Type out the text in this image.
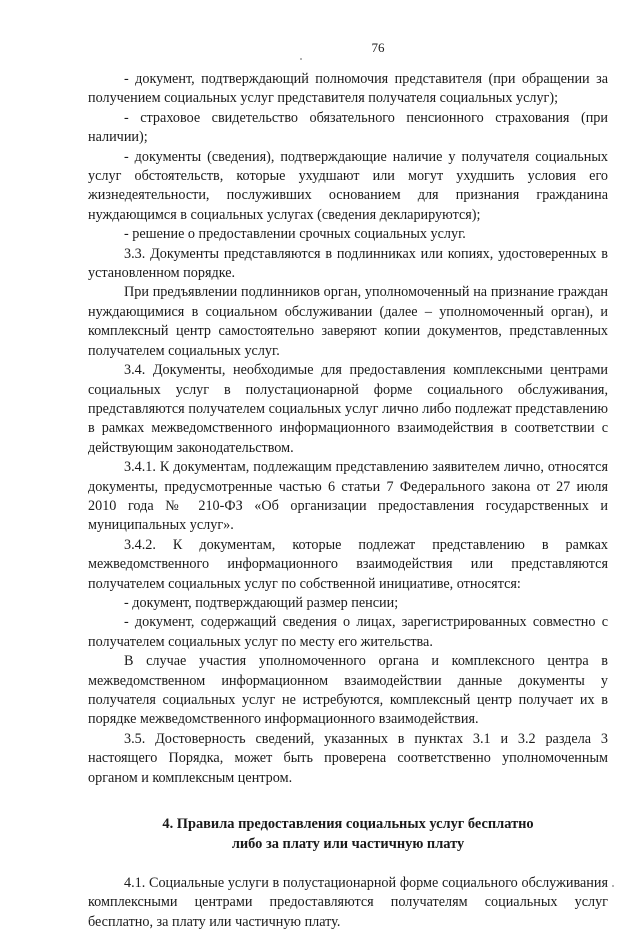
76

- документ, подтверждающий полномочия представителя (при обращении за получением социальных услуг представителя получателя социальных услуг);

- страховое свидетельство обязательного пенсионного страхования (при наличии);

- документы (сведения), подтверждающие наличие у получателя социальных услуг обстоятельств, которые ухудшают или могут ухудшить условия его жизнедеятельности, послуживших основанием для признания гражданина нуждающимся в социальных услугах (сведения декларируются);

- решение о предоставлении срочных социальных услуг.

3.3. Документы представляются в подлинниках или копиях, удостоверенных в установленном порядке.

При предъявлении подлинников орган, уполномоченный на признание граждан нуждающимися в социальном обслуживании (далее – уполномоченный орган), и комплексный центр самостоятельно заверяют копии документов, представленных получателем социальных услуг.

3.4. Документы, необходимые для предоставления комплексными центрами социальных услуг в полустационарной форме социального обслуживания, представляются получателем социальных услуг лично либо подлежат представлению в рамках межведомственного информационного взаимодействия в соответствии с действующим законодательством.

3.4.1. К документам, подлежащим представлению заявителем лично, относятся документы, предусмотренные частью 6 статьи 7 Федерального закона от 27 июля 2010 года № 210-ФЗ «Об организации предоставления государственных и муниципальных услуг».

3.4.2. К документам, которые подлежат представлению в рамках межведомственного информационного взаимодействия или представляются получателем социальных услуг по собственной инициативе, относятся:

- документ, подтверждающий размер пенсии;

- документ, содержащий сведения о лицах, зарегистрированных совместно с получателем социальных услуг по месту его жительства.

В случае участия уполномоченного органа и комплексного центра в межведомственном информационном взаимодействии данные документы у получателя социальных услуг не истребуются, комплексный центр получает их в порядке межведомственного информационного взаимодействия.

3.5. Достоверность сведений, указанных в пунктах 3.1 и 3.2 раздела 3 настоящего Порядка, может быть проверена соответственно уполномоченным органом и комплексным центром.

4. Правила предоставления социальных услуг бесплатно
либо за плату или частичную плату

4.1. Социальные услуги в полустационарной форме социального обслуживания комплексными центрами предоставляются получателям социальных услуг бесплатно, за плату или частичную плату.
